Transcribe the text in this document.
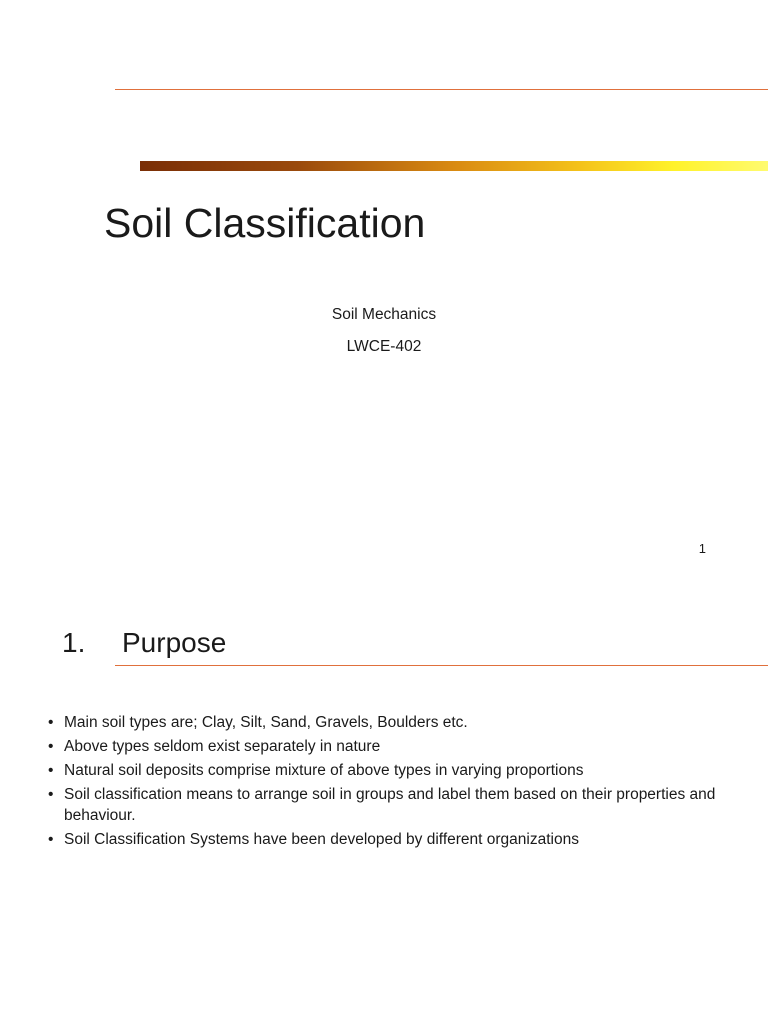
Soil Classification
Soil Mechanics
LWCE-402
1
1. Purpose
• Main soil types are; Clay, Silt, Sand, Gravels, Boulders etc.
• Above types seldom exist separately in nature
• Natural soil deposits comprise mixture of above types in varying proportions
• Soil classification means to arrange soil in groups and label them based on their properties and behaviour.
• Soil Classification Systems have been developed by different organizations
